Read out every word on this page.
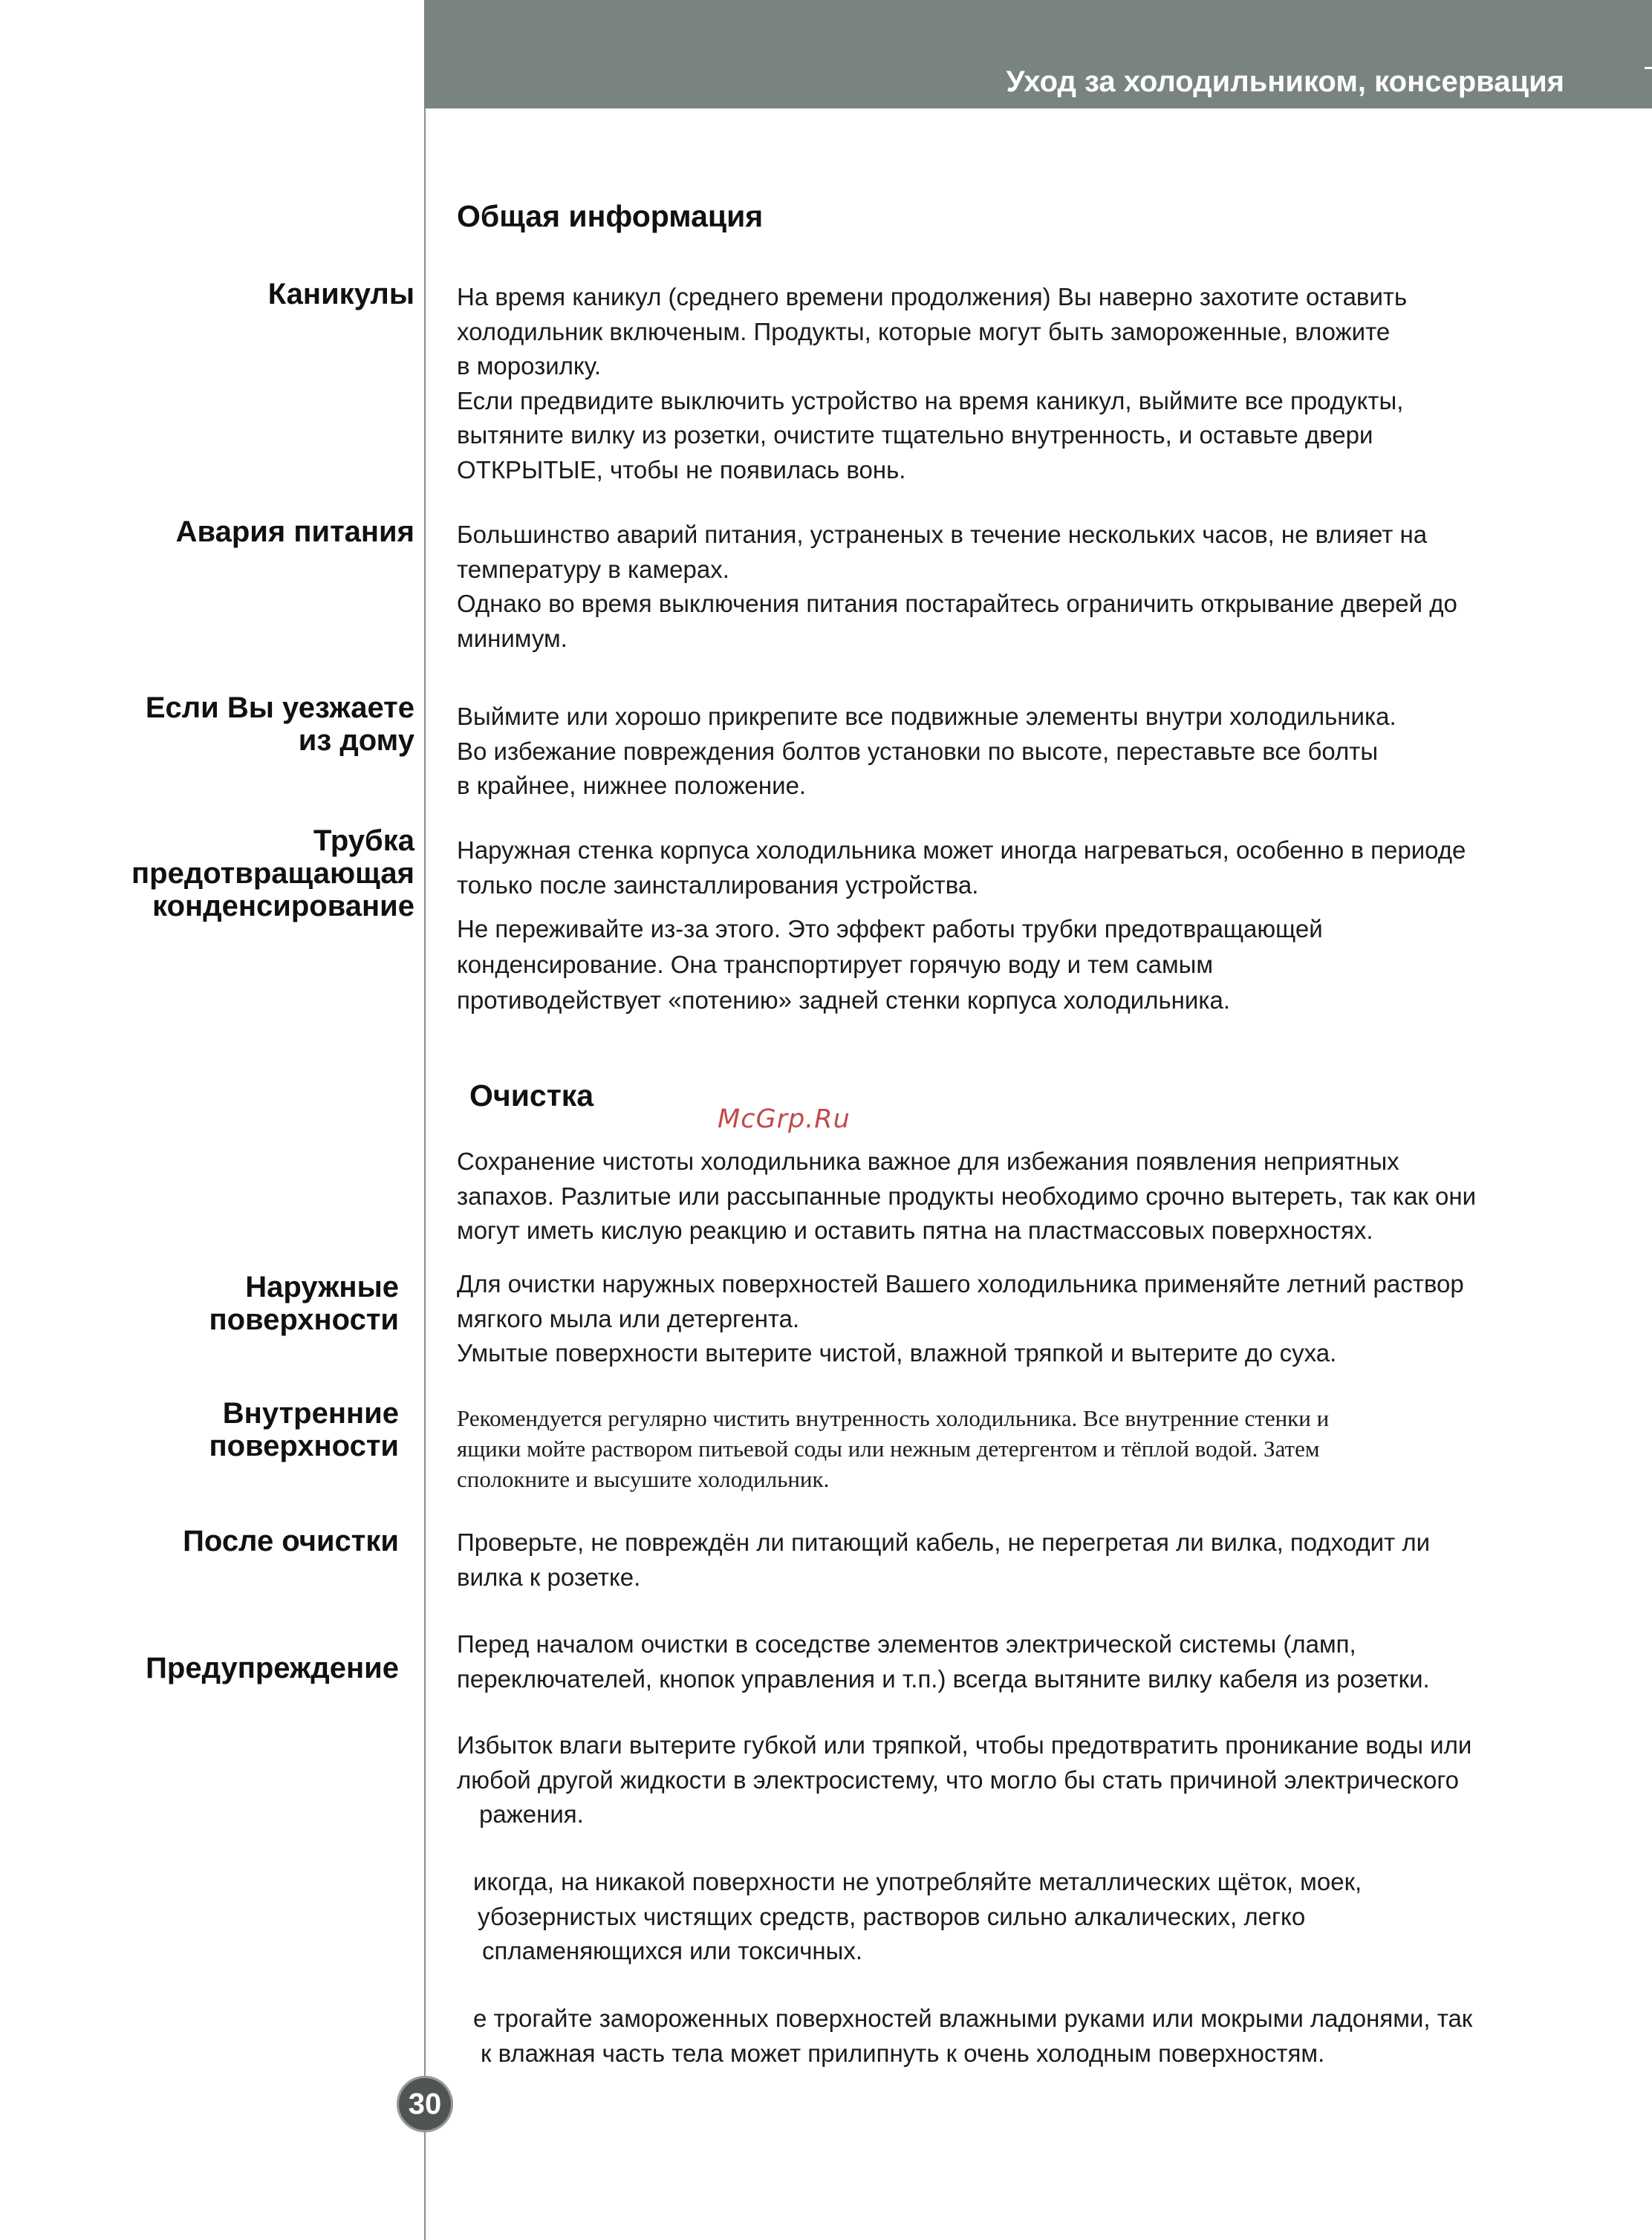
Уход за холодильником, консервация
Общая информация
Очистка
McGrp.Ru
Каникулы
Авария питания
Если Вы уезжаете
из дому
Трубка
предотвращающая
конденсирование
Наружные
поверхности
Внутренние
поверхности
После очистки
Предупреждение
На время каникул (среднего времени продолжения) Вы наверно захотите оставить
холодильник включеным. Продукты, которые могут быть замороженные, вложите
в морозилку.
Если предвидите выключить устройство на время каникул, выймите все продукты,
вытяните вилку из розетки, очистите тщательно внутренность, и оставьте двери
ОТКРЫТЫЕ, чтобы не появилась вонь.
Большинство аварий питания, устраненых в течение нескольких часов, не влияет на
температуру в камерах.
Однако во время выключения питания постарайтесь ограничить открывание дверей до
минимум.
Выймите или хорошо прикрепите все подвижные элементы внутри холодильника.
Во избежание повреждения болтов установки по высоте, переставьте все болты
в крайнее, нижнее положение.
Наружная стенка корпуса холодильника может иногда нагреваться, особенно в периоде
только после заинсталлирования устройства.
Не переживайте из-за этого. Это эффект работы трубки предотвращающей
конденсирование. Она транспортирует горячую воду и тем самым
противодействует «потению» задней стенки корпуса холодильника.
Сохранение чистоты холодильника важное для избежания появления неприятных
запахов. Разлитые или рассыпанные продукты необходимо срочно вытереть, так как они
могут иметь кислую реакцию и оставить пятна на пластмассовых поверхностях.
Для очистки наружных поверхностей Вашего холодильника применяйте летний раствор
мягкого мыла или детергента.
Умытые поверхности вытерите чистой, влажной тряпкой и вытерите до суха.
Рекомендуется регулярно чистить внутренность холодильника. Все внутренние стенки и
ящики мойте раствором питьевой соды или нежным детергентом и тёплой водой. Затем
сполокните и высушите холодильник.
Проверьте, не повреждён ли питающий кабель, не перегретая ли вилка, подходит ли
вилка к розетке.
Перед началом очистки в соседстве элементов электрической системы (ламп,
переключателей, кнопок управления и т.п.) всегда вытяните вилку кабеля из розетки.
Избыток влаги вытерите губкой или тряпкой, чтобы предотвратить проникание воды или
любой другой жидкости в электросистему, что могло бы стать причиной электрического
ражения.
икогда, на никакой поверхности не употребляйте металлических щёток, моек,
убозернистых чистящих средств, растворов сильно алкалических, легко
спламеняющихся или токсичных.
е трогайте замороженных поверхностей влажными руками или мокрыми ладонями, так
к влажная часть тела может прилипнуть к очень холодным поверхностям.
30
